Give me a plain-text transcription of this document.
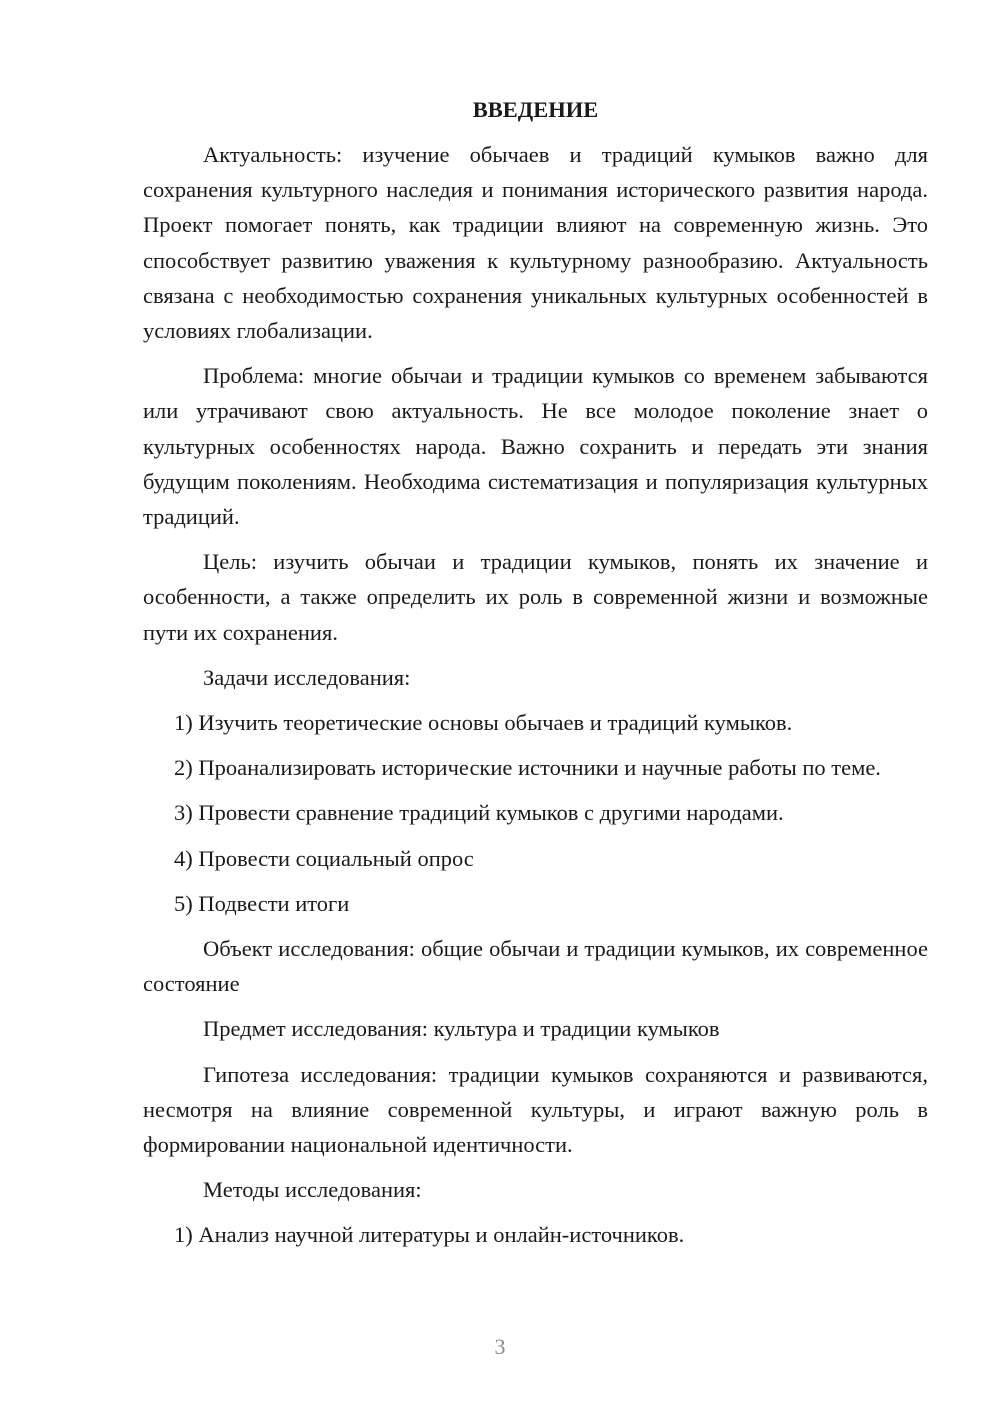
ВВЕДЕНИЕ

Актуальность: изучение обычаев и традиций кумыков важно для сохранения культурного наследия и понимания исторического развития народа. Проект помогает понять, как традиции влияют на современную жизнь. Это способствует развитию уважения к культурному разнообразию. Актуальность связана с необходимостью сохранения уникальных культурных особенностей в условиях глобализации.

Проблема: многие обычаи и традиции кумыков со временем забываются или утрачивают свою актуальность. Не все молодое поколение знает о культурных особенностях народа. Важно сохранить и передать эти знания будущим поколениям. Необходима систематизация и популяризация культурных традиций.

Цель: изучить обычаи и традиции кумыков, понять их значение и особенности, а также определить их роль в современной жизни и возможные пути их сохранения.

Задачи исследования:

1) Изучить теоретические основы обычаев и традиций кумыков.

2) Проанализировать исторические источники и научные работы по теме.

3) Провести сравнение традиций кумыков с другими народами.

4) Провести социальный опрос

5) Подвести итоги

Объект исследования: общие обычаи и традиции кумыков, их современное состояние

Предмет исследования: культура и традиции кумыков

Гипотеза исследования: традиции кумыков сохраняются и развиваются, несмотря на влияние современной культуры, и играют важную роль в формировании национальной идентичности.

Методы исследования:

1) Анализ научной литературы и онлайн-источников.

3
